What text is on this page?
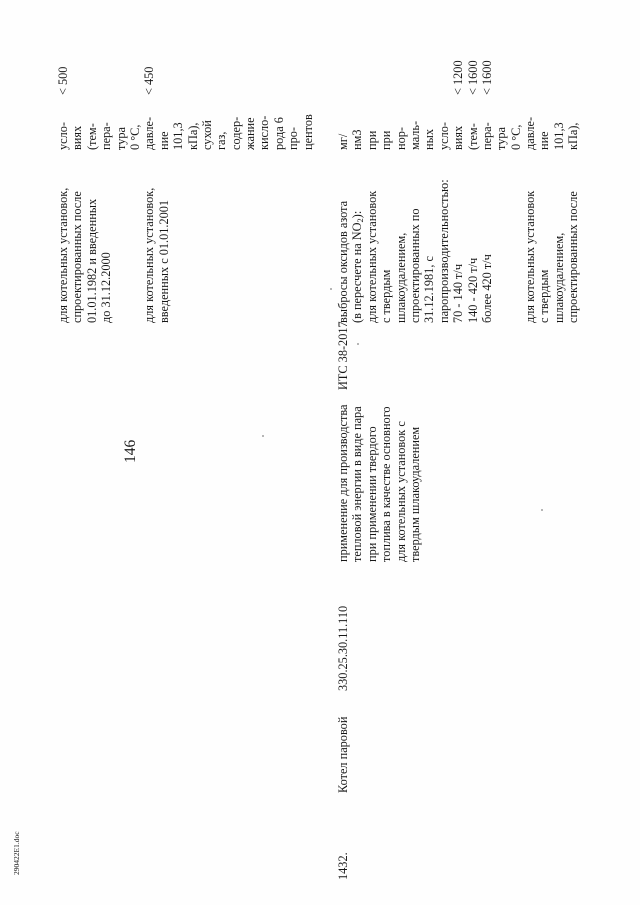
146
290422E1.doc
для котельных установок, спроектированных после 01.01.1982 и введенных до 31.12.2000 для котельных установок, введенных с 01.01.2001
усло- виях (тем- пера- тура 0 °С, давле- ние 101,3 кПа), сухой газ, содер- жание кисло- рода 6 про- центов
< 500	< 450
1432.
Котел паровой
330.25.30.11.110
применение для производства тепловой энергии в виде пара при применении твердого топлива в качестве основного для котельных установок с твердым шлакоудалением
ИТС 38-2017
выбросы оксидов азота (в пересчете на $NO_2$): для котельных установок с твердым шлакоудалением, спроектированных по 31.12.1981, с паропроизводительностью: 70 - 140 т/ч 140 - 420 т/ч более 420 т/ч для котельных установок с твердым шлакоудалением, спроектированных после
мг/ нм3 при при нор- маль- ных усло- виях (тем- пера- тура 0 °С, давле- ние 101,3 кПа),
< 1200 < 1600 < 1600
